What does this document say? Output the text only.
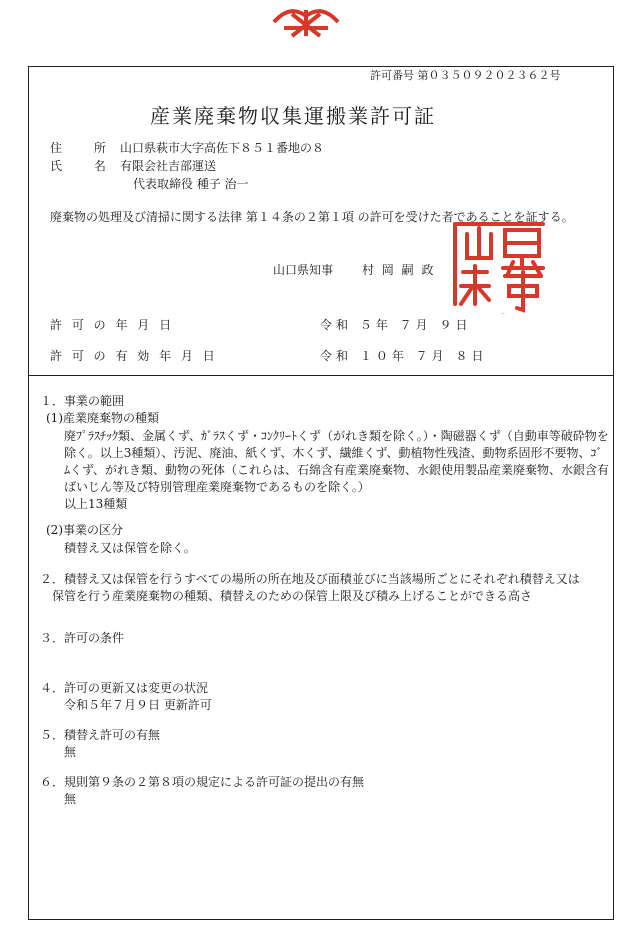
許可番号 第０３５０９２０２３６２号
産業廃棄物収集運搬業許可証
住 所 山口県萩市大字高佐下８５１番地の８
氏 名 有限会社吉部運送
代表取締役 種子 治一
廃棄物の処理及び清掃に関する法律 第１４条の２第１項 の許可を受けた者であることを証する。
山口県知事 村 岡 嗣 政
山口県知事
許 可 の 年 月 日	令和 ５年 ７月 ９日
許 可 の 有 効 年 月 日	令和 １０年 ７月 ８日
１．事業の範囲
(1)産業廃棄物の種類
廃ﾌﾟﾗｽﾁｯｸ類、金属くず、ｶﾞﾗｽくず・ｺﾝｸﾘｰﾄくず（がれき類を除く。）・陶磁器くず（自動車等破砕物を
除く。以上3種類）、汚泥、廃油、紙くず、木くず、繊維くず、動植物性残渣、動物系固形不要物、ｺﾞ
ﾑくず、がれき類、動物の死体（これらは、石綿含有産業廃棄物、水銀使用製品産業廃棄物、水銀含有
ばいじん等及び特別管理産業廃棄物であるものを除く。）
以上13種類
(2)事業の区分
積替え又は保管を除く。
２．積替え又は保管を行うすべての場所の所在地及び面積並びに当該場所ごとにそれぞれ積替え又は
保管を行う産業廃棄物の種類、積替えのための保管上限及び積み上げることができる高さ
３．許可の条件
４．許可の更新又は変更の状況
令和５年７月９日 更新許可
５．積替え許可の有無
無
６．規則第９条の２第８項の規定による許可証の提出の有無
無
